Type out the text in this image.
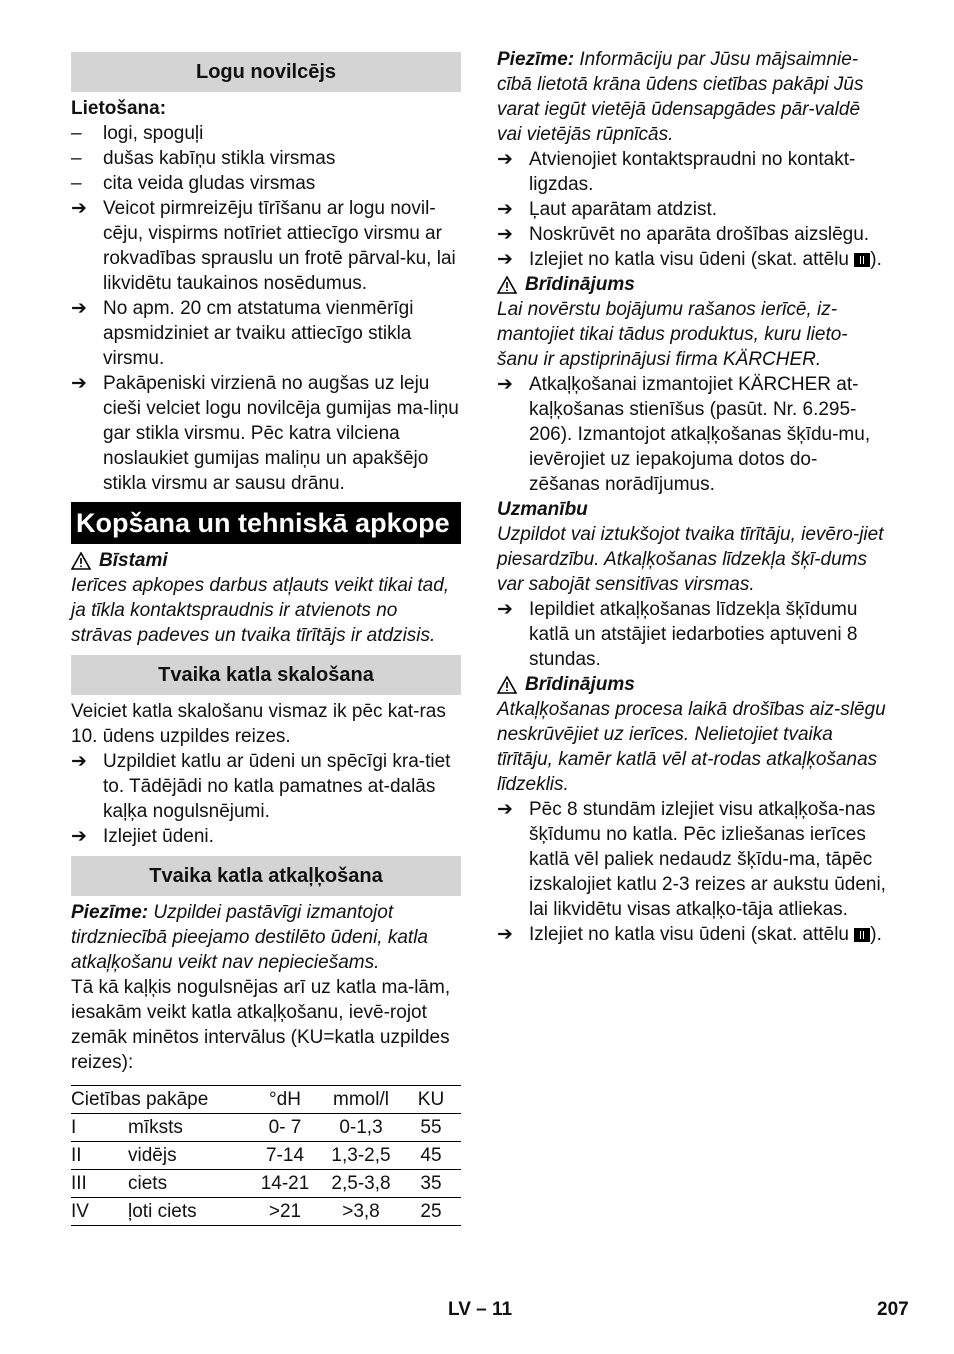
Logu novilcējs

Lietošana:

–	logi, spoguļi
–	dušas kabīņu stikla virsmas
–	cita veida gludas virsmas
➔ Veicot pirmreizēju tīrīšanu ar logu novil-cēju, vispirms notīriet attiecīgo virsmu ar rokvadības sprauslu un frotē pārval-ku, lai likvidētu taukainos nosēdumus.
➔ No apm. 20 cm atstatuma vienmērīgi apsmidziniet ar tvaiku attiecīgo stikla virsmu.
➔ Pakāpeniski virzienā no augšas uz leju cieši velciet logu novilcēja gumijas ma-liņu gar stikla virsmu. Pēc katra vilciena noslaukiet gumijas maliņu un apakšējo stikla virsmu ar sausu drānu.
Kopšana un tehniskā apkope
Bīstami

Ierīces apkopes darbus atļauts veikt tikai tad, ja tīkla kontaktspraudnis ir atvienots no strāvas padeves un tvaika tīrītājs ir atdzisis.

Tvaika katla skalošana

Veiciet katla skalošanu vismaz ik pēc kat-ras 10. ūdens uzpildes reizes.

➔ Uzpildiet katlu ar ūdeni un spēcīgi kra-tiet to. Tādējādi no katla pamatnes at-dalās kaļķa nogulsnējumi.
➔ Izlejiet ūdeni.
Tvaika katla atkaļķošana

Piezīme: Uzpildei pastāvīgi izmantojot tirdzniecībā pieejamo destilēto ūdeni, katla atkaļķošanu veikt nav nepieciešams.

Tā kā kaļķis nogulsnējas arī uz katla ma-lām, iesakām veikt katla atkaļķošanu, ievē-rojot zemāk minētos intervālus (KU=katla uzpildes reizes):

Cietības pakāpe		°dH	mmol/l	KU
I	mīksts	0- 7	0-1,3	55
II	vidējs	7-14	1,3-2,5	45
III	ciets	14-21	2,5-3,8	35
IV	ļoti ciets	>21	>3,8	25

Piezīme: Informāciju par Jūsu mājsaimnie-cībā lietotā krāna ūdens cietības pakāpi Jūs varat iegūt vietējā ūdensapgādes pār-valdē vai vietējās rūpnīcās.

➔ Atvienojiet kontaktspraudni no kontakt-ligzdas.
➔ Ļaut aparātam atdzist.
➔ Noskrūvēt no aparāta drošības aizslēgu.
➔ Izlejiet no katla visu ūdeni (skat. attēlu ).
Brīdinājums

Lai novērstu bojājumu rašanos ierīcē, iz-mantojiet tikai tādus produktus, kuru lieto-šanu ir apstiprinājusi firma KÄRCHER.

➔ Atkaļķošanai izmantojiet KÄRCHER at-kaļķošanas stienīšus (pasūt. Nr. 6.295-206). Izmantojot atkaļķošanas šķīdu-mu, ievērojiet uz iepakojuma dotos do-zēšanas norādījumus.

Uzmanību

Uzpildot vai iztukšojot tvaika tīrītāju, ievēro-jiet piesardzību. Atkaļķošanas līdzekļa šķī-dums var sabojāt sensitīvas virsmas.

➔ Iepildiet atkaļķošanas līdzekļa šķīdumu katlā un atstājiet iedarboties aptuveni 8 stundas.
Brīdinājums

Atkaļķošanas procesa laikā drošības aiz-slēgu neskrūvējiet uz ierīces. Nelietojiet tvaika tīrītāju, kamēr katlā vēl at-rodas atkaļķošanas līdzeklis.

➔ Pēc 8 stundām izlejiet visu atkaļķoša-nas šķīdumu no katla. Pēc izliešanas ierīces katlā vēl paliek nedaudz šķīdu-ma, tāpēc izskalojiet katlu 2-3 reizes ar aukstu ūdeni, lai likvidētu visas atkaļķo-tāja atliekas.
➔ Izlejiet no katla visu ūdeni (skat. attēlu ).
LV – 11	207
